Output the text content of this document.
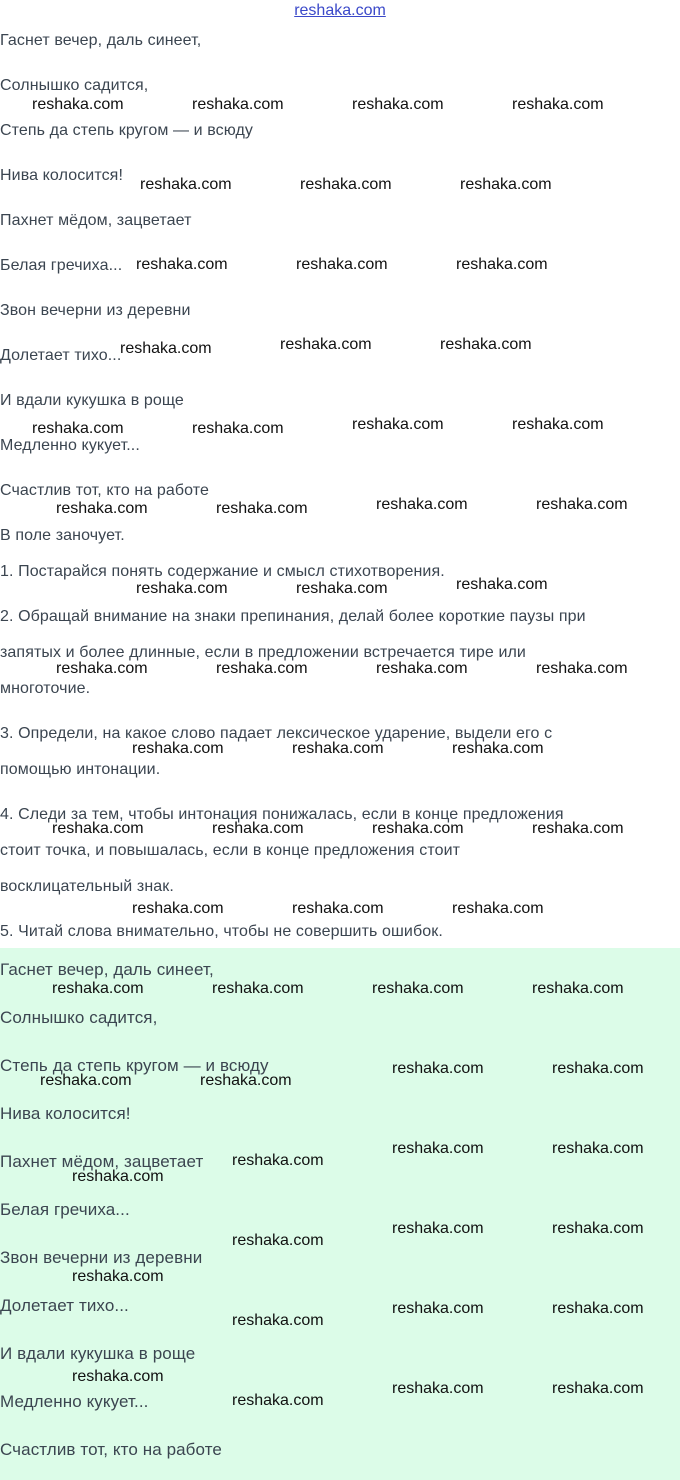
reshaka.com
Гаснет вечер, даль синеет,
Солнышко садится,
Степь да степь кругом — и всюду
Нива колосится!
Пахнет мёдом, зацветает
Белая гречиха...
Звон вечерни из деревни
Долетает тихо...
И вдали кукушка в роще
Медленно кукует...
Счастлив тот, кто на работе
В поле заночует.
1. Постарайся понять содержание и смысл стихотворения.
2. Обращай внимание на знаки препинания, делай более короткие паузы при
запятых и более длинные, если в предложении встречается тире или
многоточие.
3. Определи, на какое слово падает лексическое ударение, выдели его с
помощью интонации.
4. Следи за тем, чтобы интонация понижалась, если в конце предложения
стоит точка, и повышалась, если в конце предложения стоит
восклицательный знак.
5. Читай слова внимательно, чтобы не совершить ошибок.
Гаснет вечер, даль синеет,
Солнышко садится,
Степь да степь кругом — и всюду
Нива колосится!
Пахнет мёдом, зацветает
Белая гречиха...
Звон вечерни из деревни
Долетает тихо...
И вдали кукушка в роще
Медленно кукует...
Счастлив тот, кто на работе
reshaka.com	reshaka.com	reshaka.com	reshaka.com
reshaka.com	reshaka.com	reshaka.com
reshaka.com	reshaka.com	reshaka.com
reshaka.com	reshaka.com	reshaka.com
reshaka.com	reshaka.com	reshaka.com	reshaka.com
reshaka.com	reshaka.com	reshaka.com	reshaka.com
reshaka.com	reshaka.com	reshaka.com
reshaka.com	reshaka.com	reshaka.com	reshaka.com
reshaka.com	reshaka.com	reshaka.com
reshaka.com	reshaka.com	reshaka.com	reshaka.com
reshaka.com	reshaka.com	reshaka.com
reshaka.com	reshaka.com	reshaka.com	reshaka.com
reshaka.com	reshaka.com
reshaka.com	reshaka.com
reshaka.com
reshaka.com
reshaka.com	reshaka.com
reshaka.com
reshaka.com
reshaka.com	reshaka.com
reshaka.com
reshaka.com	reshaka.com
reshaka.com
reshaka.com
reshaka.com	reshaka.com
